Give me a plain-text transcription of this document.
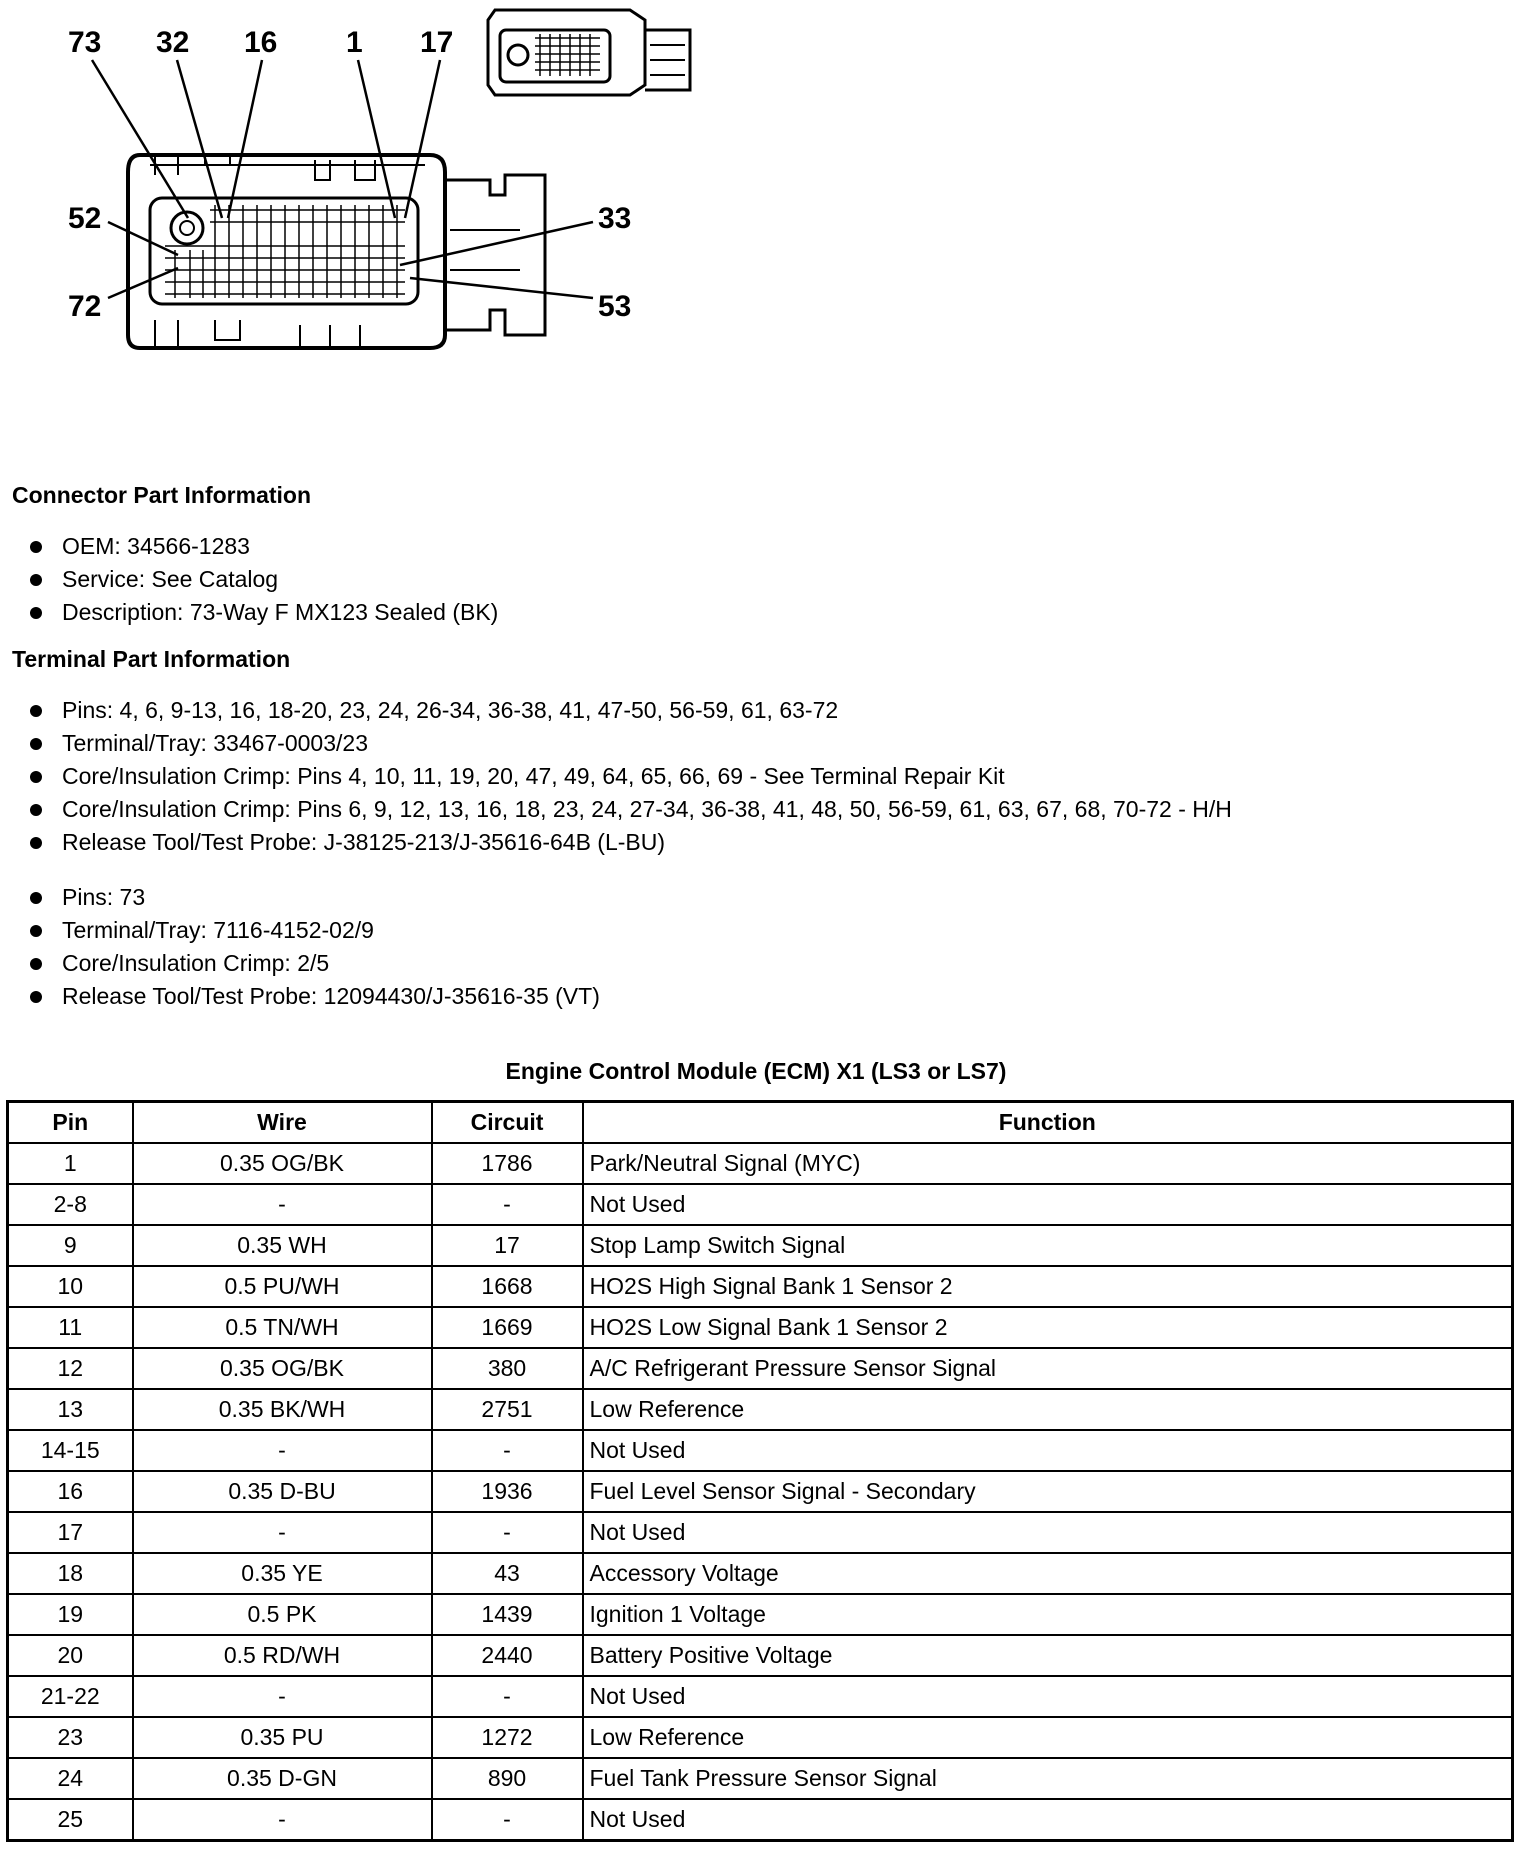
73 32 16 1 17
52
72
33
53

Connector Part Information

OEM: 34566-1283
Service: See Catalog
Description: 73-Way F MX123 Sealed (BK)

Terminal Part Information

Pins: 4, 6, 9-13, 16, 18-20, 23, 24, 26-34, 36-38, 41, 47-50, 56-59, 61, 63-72
Terminal/Tray: 33467-0003/23
Core/Insulation Crimp: Pins 4, 10, 11, 19, 20, 47, 49, 64, 65, 66, 69 - See Terminal Repair Kit
Core/Insulation Crimp: Pins 6, 9, 12, 13, 16, 18, 23, 24, 27-34, 36-38, 41, 48, 50, 56-59, 61, 63, 67, 68, 70-72 - H/H
Release Tool/Test Probe: J-38125-213/J-35616-64B (L-BU)
Pins: 73
Terminal/Tray: 7116-4152-02/9
Core/Insulation Crimp: 2/5
Release Tool/Test Probe: 12094430/J-35616-35 (VT)
Engine Control Module (ECM) X1 (LS3 or LS7)
Pin	Wire	Circuit	Function
1	0.35 OG/BK	1786	Park/Neutral Signal (MYC)
2-8	-	-	Not Used
9	0.35 WH	17	Stop Lamp Switch Signal
10	0.5 PU/WH	1668	HO2S High Signal Bank 1 Sensor 2
11	0.5 TN/WH	1669	HO2S Low Signal Bank 1 Sensor 2
12	0.35 OG/BK	380	A/C Refrigerant Pressure Sensor Signal
13	0.35 BK/WH	2751	Low Reference
14-15	-	-	Not Used
16	0.35 D-BU	1936	Fuel Level Sensor Signal - Secondary
17	-	-	Not Used
18	0.35 YE	43	Accessory Voltage
19	0.5 PK	1439	Ignition 1 Voltage
20	0.5 RD/WH	2440	Battery Positive Voltage
21-22	-	-	Not Used
23	0.35 PU	1272	Low Reference
24	0.35 D-GN	890	Fuel Tank Pressure Sensor Signal
25	-	-	Not Used
